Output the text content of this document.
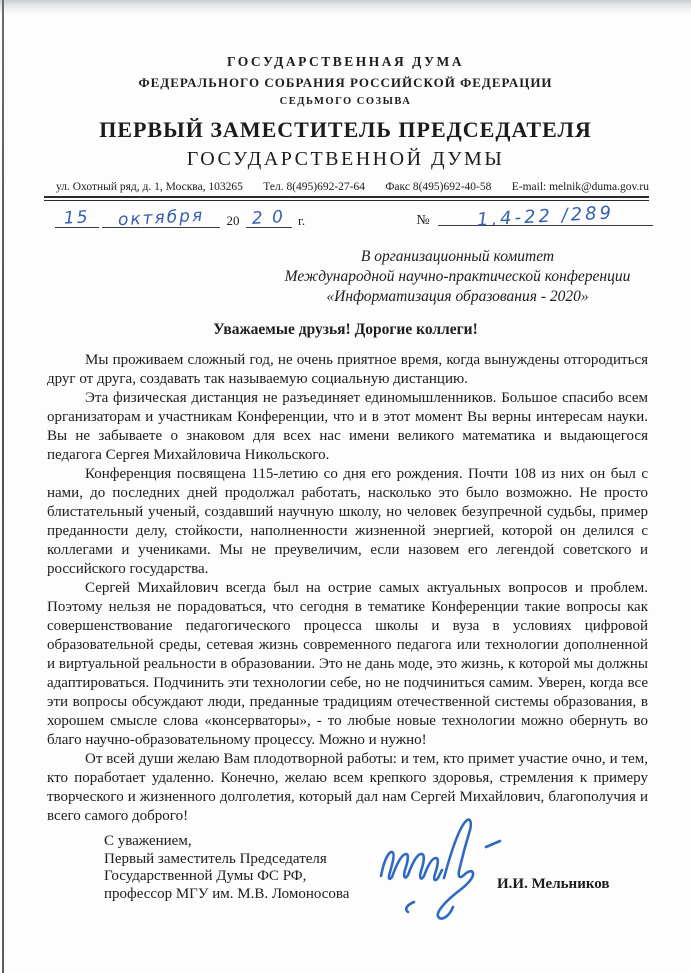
ГОСУДАРСТВЕННАЯ ДУМА
ФЕДЕРАЛЬНОГО СОБРАНИЯ РОССИЙСКОЙ ФЕДЕРАЦИИ
СЕДЬМОГО СОЗЫВА
ПЕРВЫЙ ЗАМЕСТИТЕЛЬ ПРЕДСЕДАТЕЛЯ
ГОСУДАРСТВЕННОЙ ДУМЫ
ул. Охотный ряд, д. 1, Москва, 103265 Тел. 8(495)692-27-64 Факс 8(495)692-40-58 E-mail: melnik@duma.gov.ru
15 октября 20 2 0 г.	№	1.4-22 /289
В организационный комитет
Международной научно-практической конференции
«Информатизация образования - 2020»
Уважаемые друзья! Дорогие коллеги!

Мы проживаем сложный год, не очень приятное время, когда вынуждены отгородиться друг от друга, создавать так называемую социальную дистанцию.

Эта физическая дистанция не разъединяет единомышленников. Большое спасибо всем организаторам и участникам Конференции, что и в этот момент Вы верны интересам науки. Вы не забываете о знаковом для всех нас имени великого математика и выдающегося педагога Сергея Михайловича Никольского.

Конференция посвящена 115-летию со дня его рождения. Почти 108 из них он был с нами, до последних дней продолжал работать, насколько это было возможно. Не просто блистательный ученый, создавший научную школу, но человек безупречной судьбы, пример преданности делу, стойкости, наполненности жизненной энергией, которой он делился с коллегами и учениками. Мы не преувеличим, если назовем его легендой советского и российского государства.

Сергей Михайлович всегда был на острие самых актуальных вопросов и проблем. Поэтому нельзя не порадоваться, что сегодня в тематике Конференции такие вопросы как совершенствование педагогического процесса школы и вуза в условиях цифровой образовательной среды, сетевая жизнь современного педагога или технологии дополненной и виртуальной реальности в образовании. Это не дань моде, это жизнь, к которой мы должны адаптироваться. Подчинить эти технологии себе, но не подчиниться самим. Уверен, когда все эти вопросы обсуждают люди, преданные традициям отечественной системы образования, в хорошем смысле слова «консерваторы», - то любые новые технологии можно обернуть во благо научно-образовательному процессу. Можно и нужно!

От всей души желаю Вам плодотворной работы: и тем, кто примет участие очно, и тем, кто поработает удаленно. Конечно, желаю всем крепкого здоровья, стремления к примеру творческого и жизненного долголетия, который дал нам Сергей Михайлович, благополучия и всего самого доброго!

С уважением,
Первый заместитель Председателя
Государственной Думы ФС РФ,
профессор МГУ им. М.В. Ломоносова
И.И. Мельников
